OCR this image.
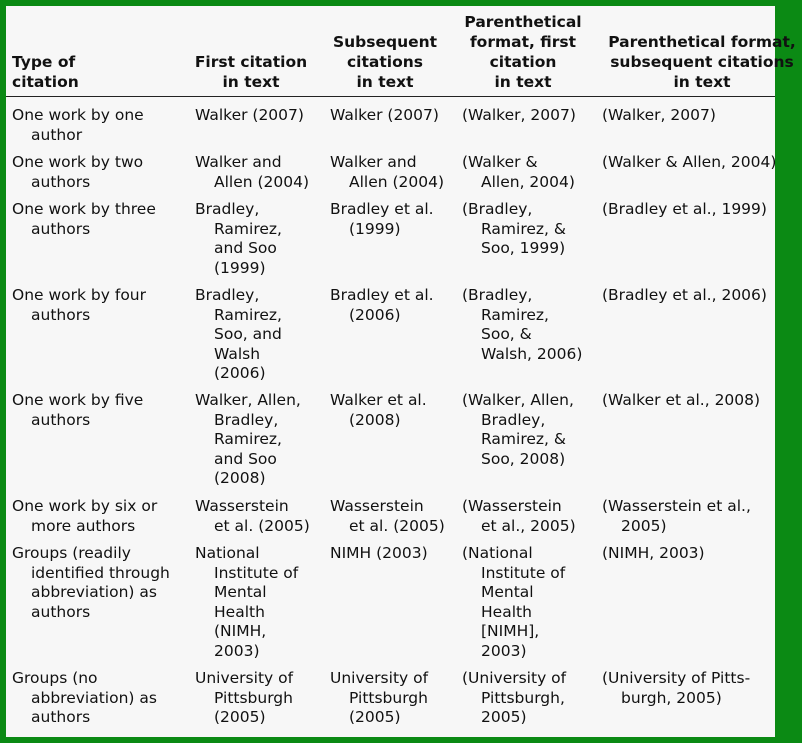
Type of
citation
First citation
in text
Subsequent
citations
in text
Parenthetical
format, first
citation
in text
Parenthetical format,
subsequent citations
in text
One work by one
author
Walker (2007) Walker (2007) (Walker, 2007) (Walker, 2007)
One work by two
authors
Walker and
Allen (2004)
Walker and
Allen (2004)
(Walker &
Allen, 2004)
(Walker & Allen, 2004)
One work by three
authors
Bradley,
Ramirez,
and Soo
(1999)
Bradley et al.
(1999)
(Bradley,
Ramirez, &
Soo, 1999)
(Bradley et al., 1999)
One work by four
authors
Bradley,
Ramirez,
Soo, and
Walsh
(2006)
Bradley et al.
(2006)
(Bradley,
Ramirez,
Soo, &
Walsh, 2006)
(Bradley et al., 2006)
One work by five
authors
Walker, Allen,
Bradley,
Ramirez,
and Soo
(2008)
Walker et al.
(2008)
(Walker, Allen,
Bradley,
Ramirez, &
Soo, 2008)
(Walker et al., 2008)
One work by six or
more authors
Wasserstein
et al. (2005)
Wasserstein
et al. (2005)
(Wasserstein
et al., 2005)
(Wasserstein et al.,
2005)
Groups (readily
identified through
abbreviation) as
authors
National
Institute of
Mental
Health
(NIMH,
2003)
NIMH (2003) (National
Institute of
Mental
Health
[NIMH],
2003)
(NIMH, 2003)
Groups (no
abbreviation) as
authors
University of
Pittsburgh
(2005)
University of
Pittsburgh
(2005)
(University of
Pittsburgh,
2005)
(University of Pitts-
burgh, 2005)
